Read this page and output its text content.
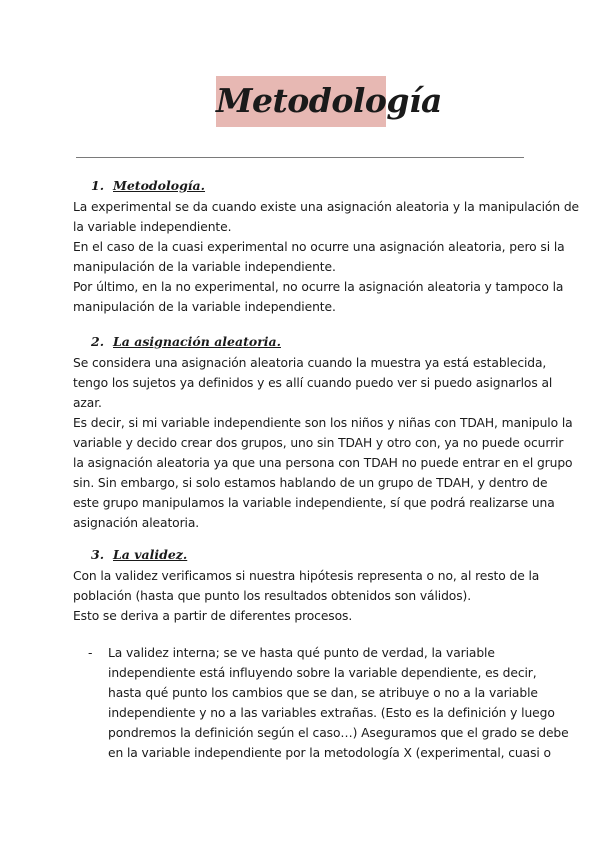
Metodología
1. Metodología.

La experimental se da cuando existe una asignación aleatoria y la manipulación de

la variable independiente.

En el caso de la cuasi experimental no ocurre una asignación aleatoria, pero si la

manipulación de la variable independiente.

Por último, en la no experimental, no ocurre la asignación aleatoria y tampoco la

manipulación de la variable independiente.

2. La asignación aleatoria.

Se considera una asignación aleatoria cuando la muestra ya está establecida,

tengo los sujetos ya definidos y es allí cuando puedo ver si puedo asignarlos al

azar.

Es decir, si mi variable independiente son los niños y niñas con TDAH, manipulo la

variable y decido crear dos grupos, uno sin TDAH y otro con, ya no puede ocurrir

la asignación aleatoria ya que una persona con TDAH no puede entrar en el grupo

sin. Sin embargo, si solo estamos hablando de un grupo de TDAH, y dentro de

este grupo manipulamos la variable independiente, sí que podrá realizarse una

asignación aleatoria.

3. La validez.

Con la validez verificamos si nuestra hipótesis representa o no, al resto de la

población (hasta que punto los resultados obtenidos son válidos).

Esto se deriva a partir de diferentes procesos.

- La validez interna; se ve hasta qué punto de verdad, la variable

independiente está influyendo sobre la variable dependiente, es decir,

hasta qué punto los cambios que se dan, se atribuye o no a la variable

independiente y no a las variables extrañas. (Esto es la definición y luego

pondremos la definición según el caso…) Aseguramos que el grado se debe

en la variable independiente por la metodología X (experimental, cuasi o
